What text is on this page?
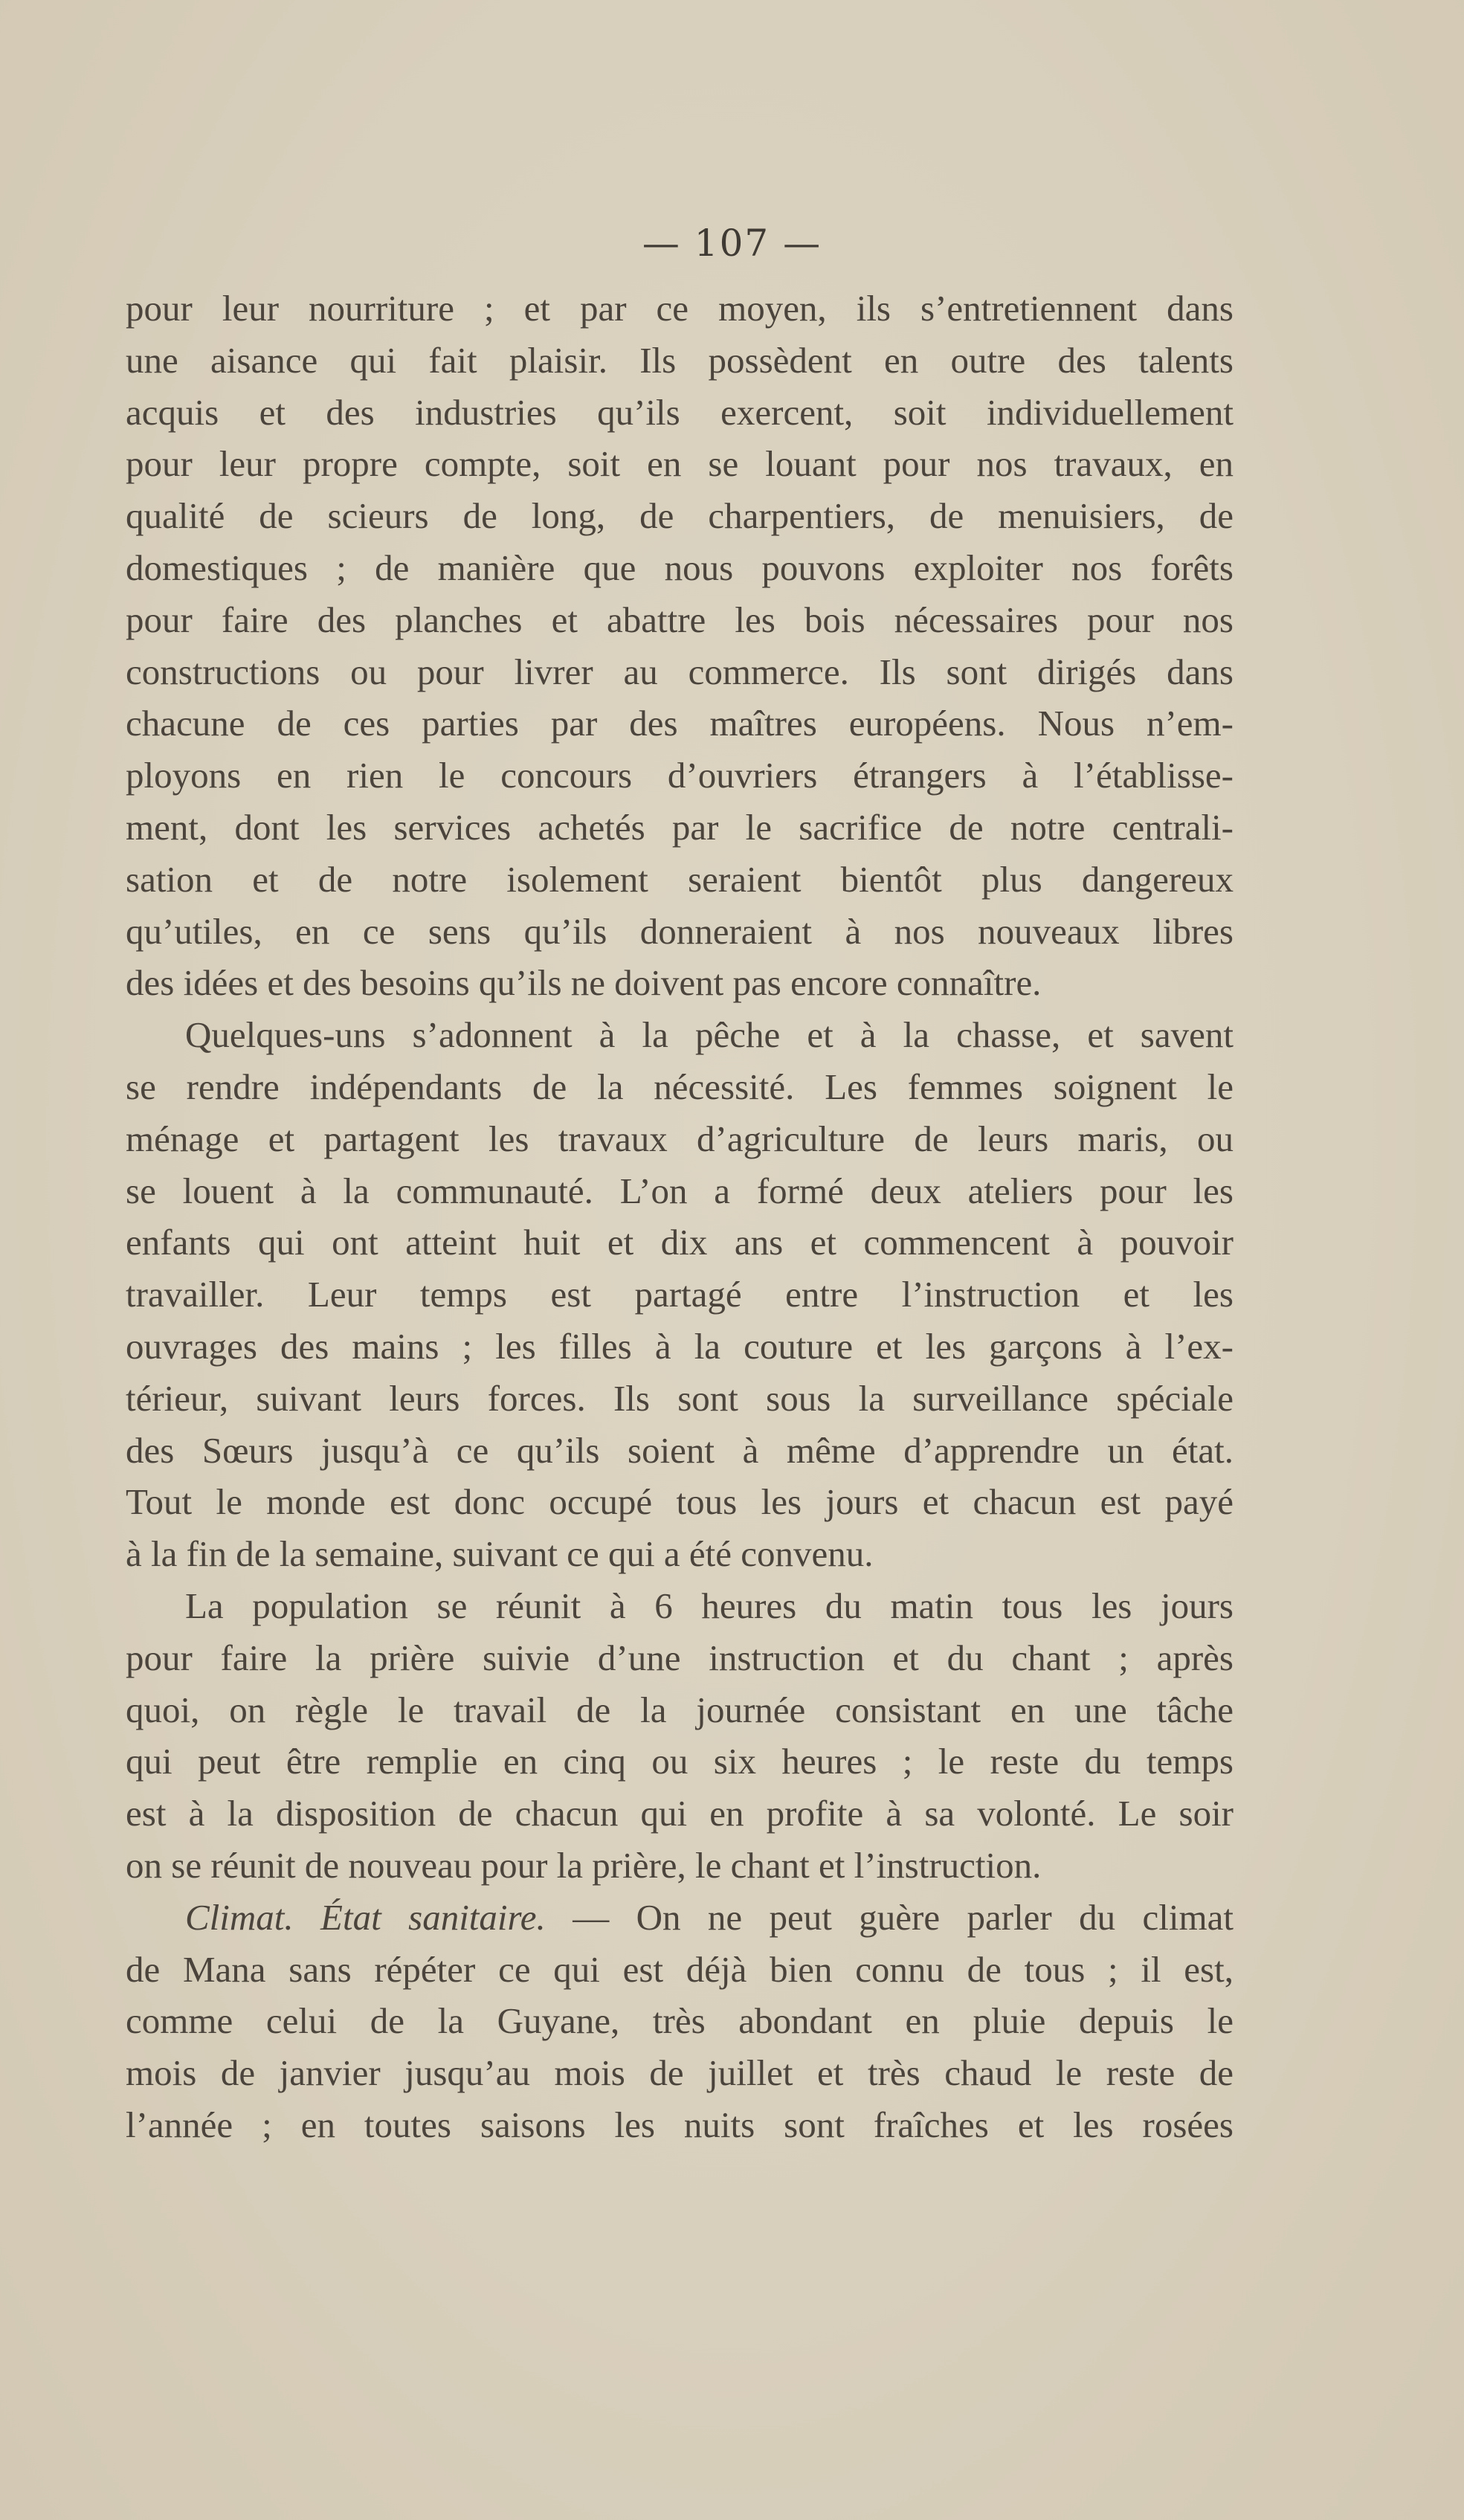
— 107 —
pour leur nourriture ; et par ce moyen, ils s’entretiennent dans
une aisance qui fait plaisir. Ils possèdent en outre des talents
acquis et des industries qu’ils exercent, soit individuellement
pour leur propre compte, soit en se louant pour nos travaux, en
qualité de scieurs de long, de charpentiers, de menuisiers, de
domestiques ; de manière que nous pouvons exploiter nos forêts
pour faire des planches et abattre les bois nécessaires pour nos
constructions ou pour livrer au commerce. Ils sont dirigés dans
chacune de ces parties par des maîtres européens. Nous n’em-
ployons en rien le concours d’ouvriers étrangers à l’établisse-
ment, dont les services achetés par le sacrifice de notre centrali-
sation et de notre isolement seraient bientôt plus dangereux
qu’utiles, en ce sens qu’ils donneraient à nos nouveaux libres
des idées et des besoins qu’ils ne doivent pas encore connaître.
Quelques-uns s’adonnent à la pêche et à la chasse, et savent
se rendre indépendants de la nécessité. Les femmes soignent le
ménage et partagent les travaux d’agriculture de leurs maris, ou
se louent à la communauté. L’on a formé deux ateliers pour les
enfants qui ont atteint huit et dix ans et commencent à pouvoir
travailler. Leur temps est partagé entre l’instruction et les
ouvrages des mains ; les filles à la couture et les garçons à l’ex-
térieur, suivant leurs forces. Ils sont sous la surveillance spéciale
des Sœurs jusqu’à ce qu’ils soient à même d’apprendre un état.
Tout le monde est donc occupé tous les jours et chacun est payé
à la fin de la semaine, suivant ce qui a été convenu.
La population se réunit à 6 heures du matin tous les jours
pour faire la prière suivie d’une instruction et du chant ; après
quoi, on règle le travail de la journée consistant en une tâche
qui peut être remplie en cinq ou six heures ; le reste du temps
est à la disposition de chacun qui en profite à sa volonté. Le soir
on se réunit de nouveau pour la prière, le chant et l’instruction.
Climat. État sanitaire. — On ne peut guère parler du climat
de Mana sans répéter ce qui est déjà bien connu de tous ; il est,
comme celui de la Guyane, très abondant en pluie depuis le
mois de janvier jusqu’au mois de juillet et très chaud le reste de
l’année ; en toutes saisons les nuits sont fraîches et les rosées
